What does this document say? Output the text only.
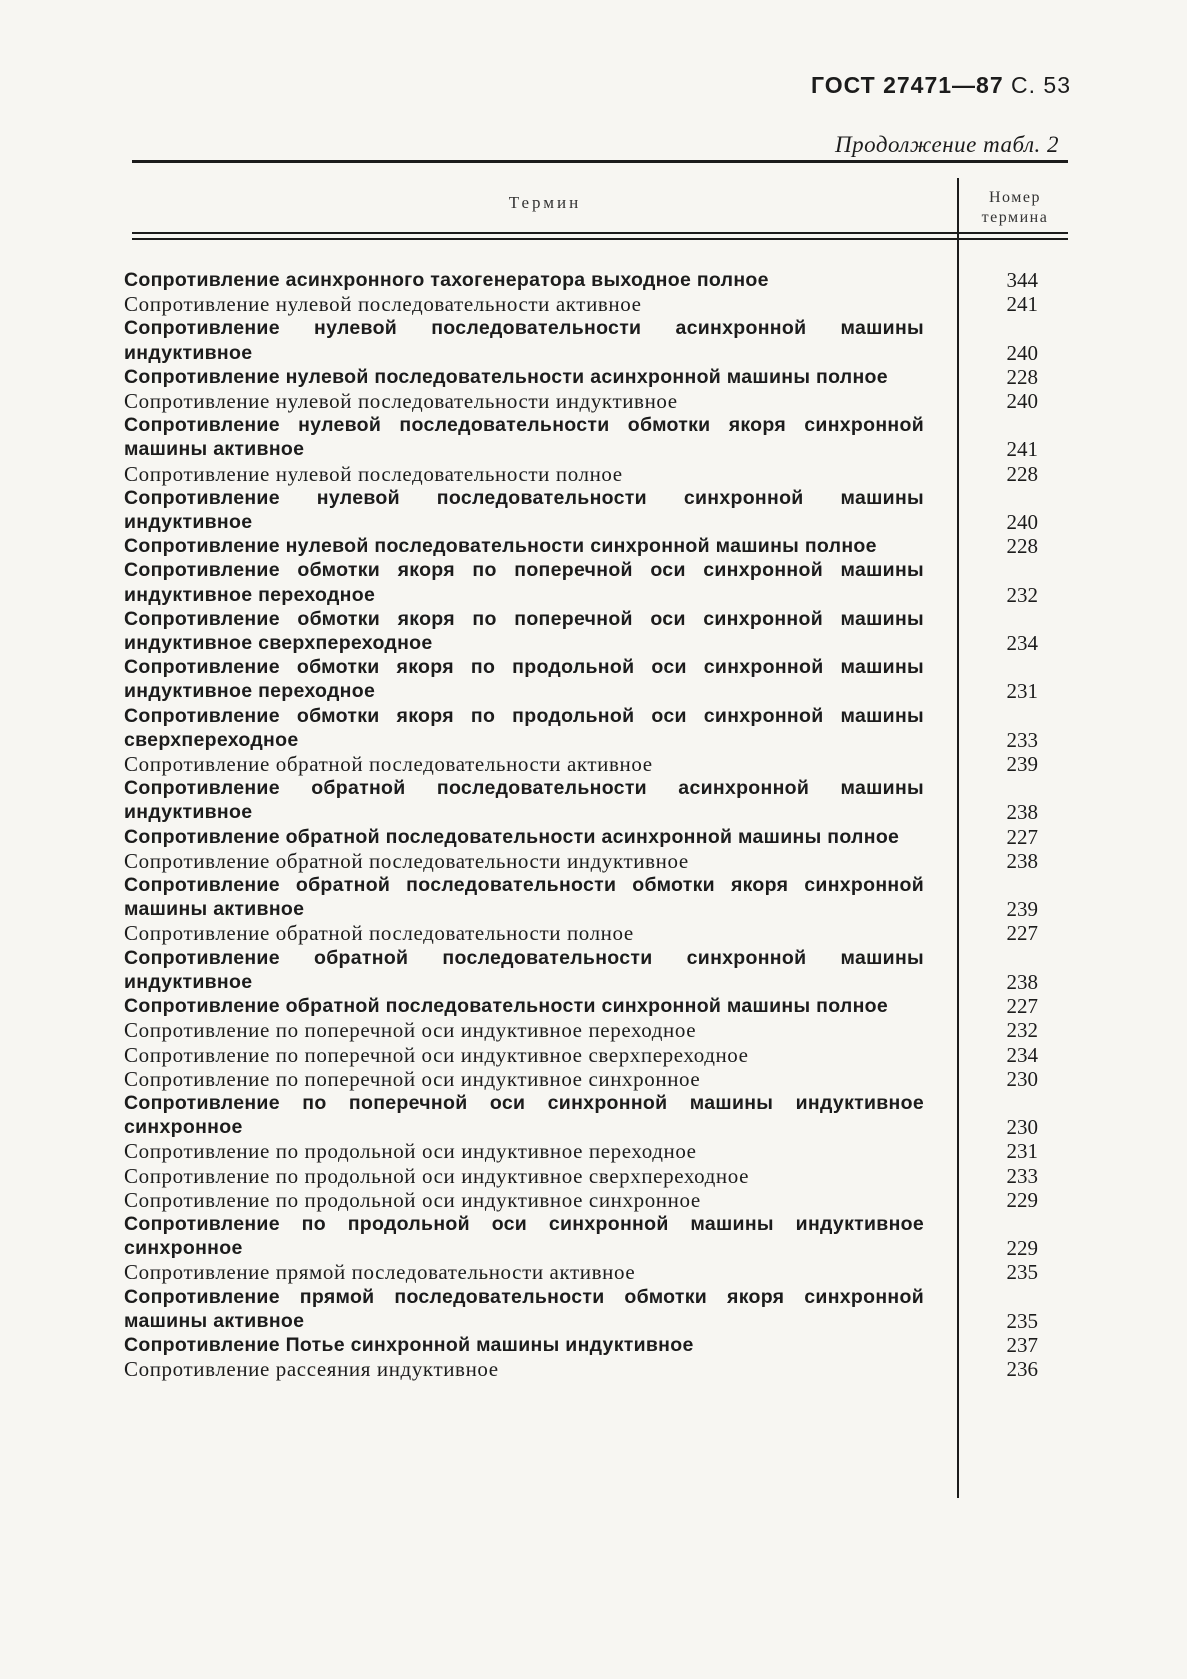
ГОСТ 27471—87 С. 53
Продолжение табл. 2
Термин	Номер
термина
Сопротивление асинхронного тахогенератора выходное полное	344
Сопротивление нулевой последовательности активное	241
Сопротивление нулевой последовательности асинхронной машины индуктивное	240
Сопротивление нулевой последовательности асинхронной машины полное	228
Сопротивление нулевой последовательности индуктивное	240
Сопротивление нулевой последовательности обмотки якоря синхронной машины активное	241
Сопротивление нулевой последовательности полное	228
Сопротивление нулевой последовательности синхронной машины индуктивное	240
Сопротивление нулевой последовательности синхронной машины полное	228
Сопротивление обмотки якоря по поперечной оси синхронной машины индуктивное переходное	232
Сопротивление обмотки якоря по поперечной оси синхронной машины индуктивное сверхпереходное	234
Сопротивление обмотки якоря по продольной оси синхронной машины индуктивное переходное	231
Сопротивление обмотки якоря по продольной оси синхронной машины сверхпереходное	233
Сопротивление обратной последовательности активное	239
Сопротивление обратной последовательности асинхронной машины индуктивное	238
Сопротивление обратной последовательности асинхронной машины полное	227
Сопротивление обратной последовательности индуктивное	238
Сопротивление обратной последовательности обмотки якоря синхронной машины активное	239
Сопротивление обратной последовательности полное	227
Сопротивление обратной последовательности синхронной машины индуктивное	238
Сопротивление обратной последовательности синхронной машины полное	227
Сопротивление по поперечной оси индуктивное переходное	232
Сопротивление по поперечной оси индуктивное сверхпереходное	234
Сопротивление по поперечной оси индуктивное синхронное	230
Сопротивление по поперечной оси синхронной машины индуктивное синхронное	230
Сопротивление по продольной оси индуктивное переходное	231
Сопротивление по продольной оси индуктивное сверхпереходное	233
Сопротивление по продольной оси индуктивное синхронное	229
Сопротивление по продольной оси синхронной машины индуктивное синхронное	229
Сопротивление прямой последовательности активное	235
Сопротивление прямой последовательности обмотки якоря синхронной машины активное	235
Сопротивление Потье синхронной машины индуктивное	237
Сопротивление рассеяния индуктивное	236
